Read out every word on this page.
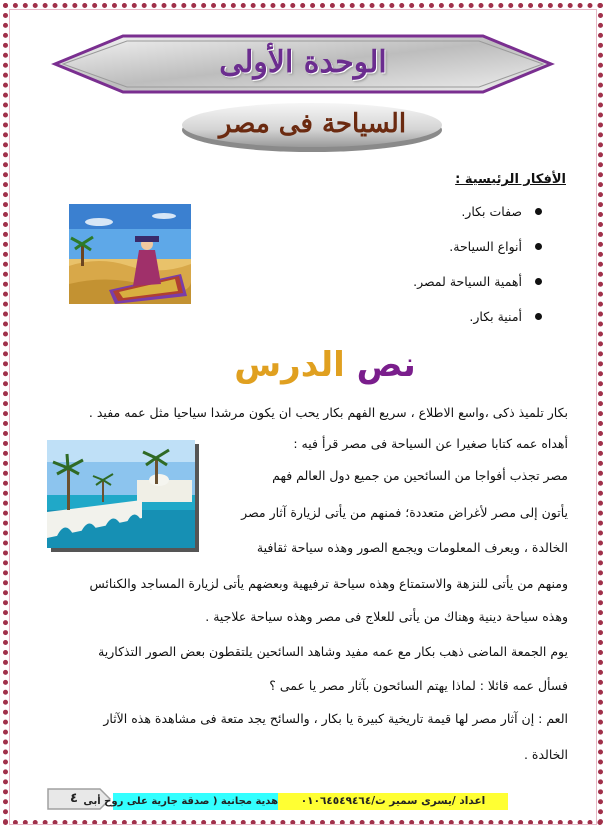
الوحدة الأولى
السياحة فى مصر
الأفكار الرئيسية :
صفات بكار.
أنواع السياحة.
أهمية السياحة لمصر.
أمنية بكار.
نص الدرس
بكار تلميذ ذكى ،واسع الاطلاع ، سريع الفهم بكار يحب ان يكون مرشدا سياحيا مثل عمه مفيد .
أهداه عمه كتابا صغيرا عن السياحة فى مصر قرأ فيه :
مصر تجذب أفواجا من السائحين من جميع دول العالم فهم
يأتون إلى مصر لأغراض متعددة؛ فمنهم من يأتى لزيارة آثار مصر
الخالدة ، ويعرف المعلومات ويجمع الصور وهذه سياحة ثقافية
ومنهم من يأتى للنزهة والاستمتاع وهذه سياحة ترفيهية وبعضهم يأتى لزيارة المساجد والكنائس
وهذه سياحة دينية وهناك من يأتى للعلاج فى مصر وهذه سياحة علاجية .
يوم الجمعة الماضى ذهب بكار مع عمه مفيد وشاهد السائحين يلتقطون بعض الصور التذكارية
فسأل عمه قائلا : لماذا يهتم السائحون بآثار مصر يا عمى ؟
العم : إن آثار مصر لها قيمة تاريخية كبيرة يا بكار ، والسائح يجد متعة فى مشاهدة هذه الآثار
الخالدة .
٤ هدية مجانية ( صدقة جارية على روح أبى	اعداد /يسرى سمير ت/٠١٠٦٤٥٤٩٤٦٤
